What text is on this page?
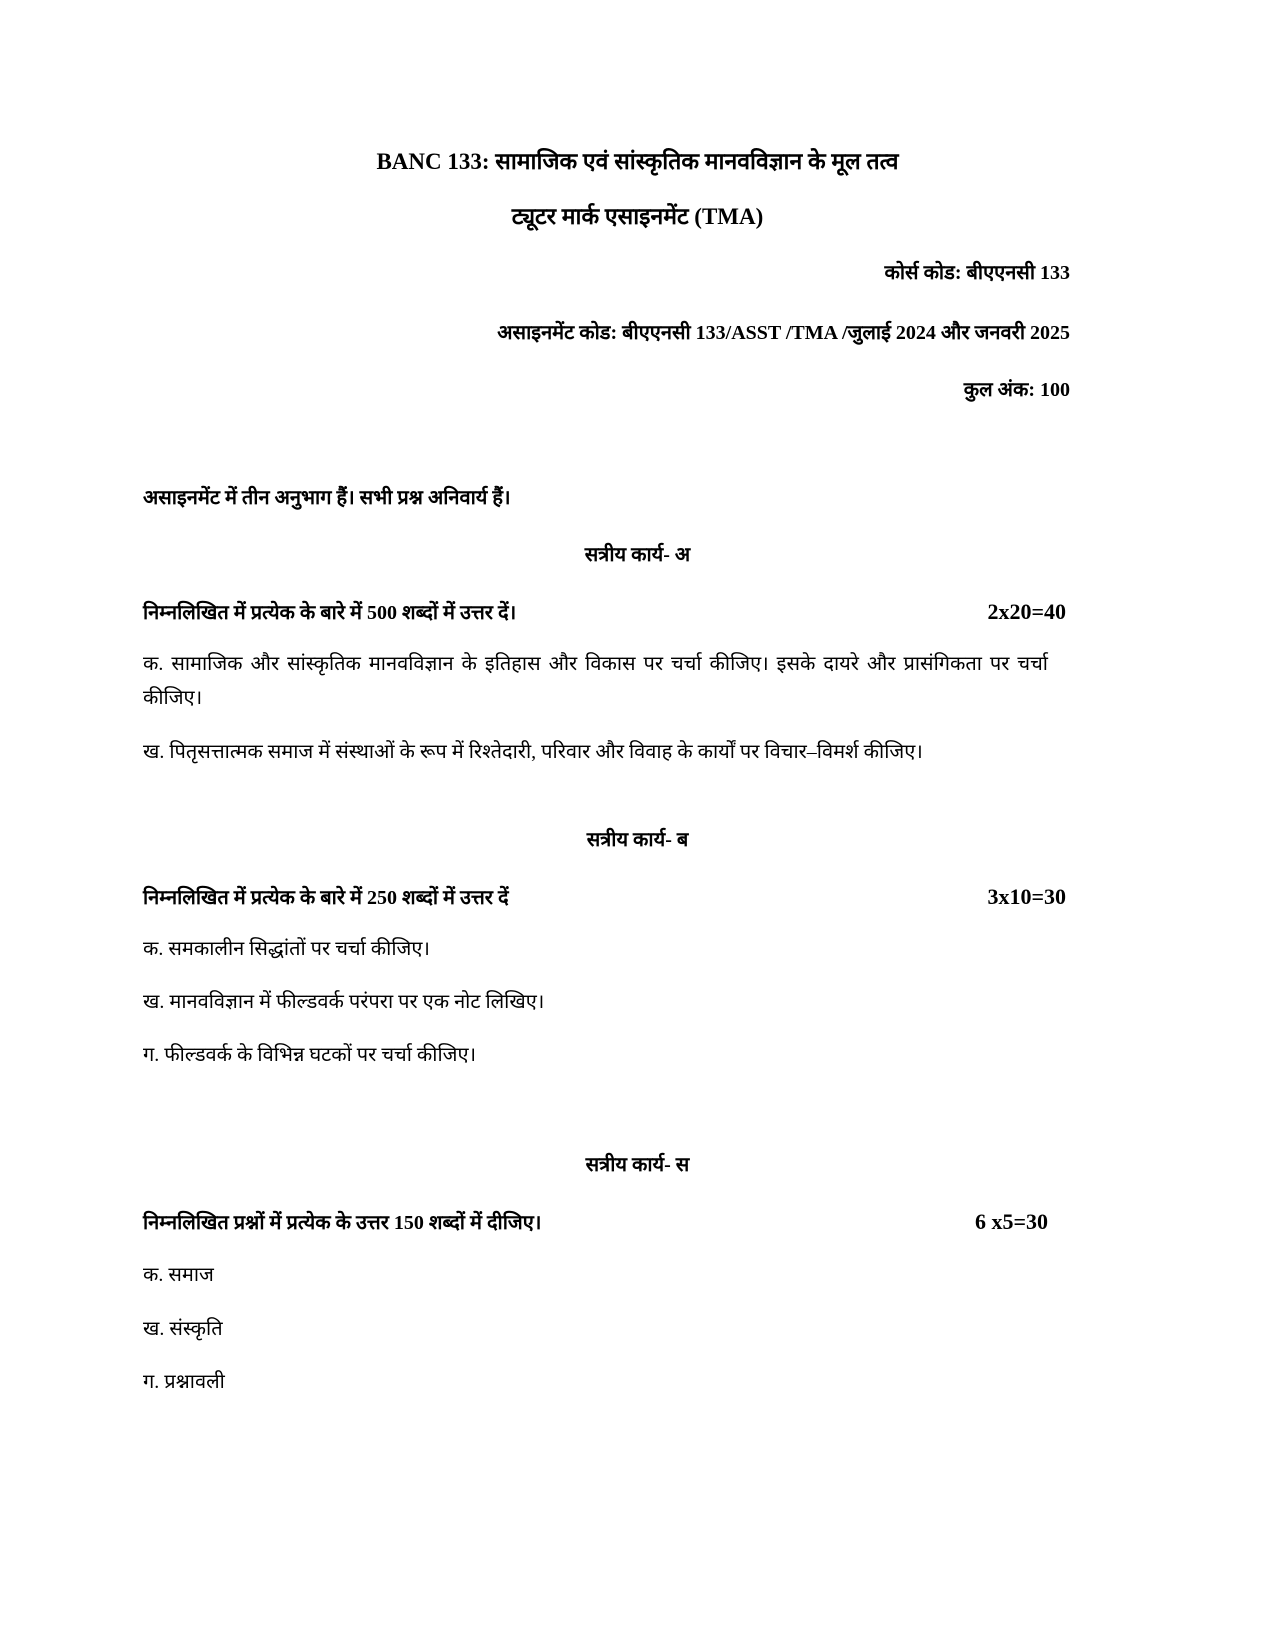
BANC 133: सामाजिक एवं सांस्कृतिक मानवविज्ञान के मूल तत्व
ट्यूटर मार्क एसाइनमेंट (TMA)
कोर्स कोड: बीएएनसी 133
असाइनमेंट कोड: बीएएनसी 133/ASST /TMA /जुलाई 2024 और जनवरी 2025
कुल अंक: 100
असाइनमेंट में तीन अनुभाग हैं। सभी प्रश्न अनिवार्य हैं।
सत्रीय कार्य- अ
निम्नलिखित में प्रत्येक के बारे में 500 शब्दों में उत्तर दें।	2x20=40
क. सामाजिक और सांस्कृतिक मानवविज्ञान के इतिहास और विकास पर चर्चा कीजिए। इसके दायरे और प्रासंगिकता पर चर्चा कीजिए।
ख. पितृसत्तात्मक समाज में संस्थाओं के रूप में रिश्तेदारी, परिवार और विवाह के कार्यों पर विचार–विमर्श कीजिए।
सत्रीय कार्य- ब
निम्नलिखित में प्रत्येक के बारे में 250 शब्दों में उत्तर दें	3x10=30
क. समकालीन सिद्धांतों पर चर्चा कीजिए।
ख. मानवविज्ञान में फील्डवर्क परंपरा पर एक नोट लिखिए।
ग. फील्डवर्क के विभिन्न घटकों पर चर्चा कीजिए।
सत्रीय कार्य- स
निम्नलिखित प्रश्नों में प्रत्येक के उत्तर 150 शब्दों में दीजिए।	6 x5=30
क. समाज
ख. संस्कृति
ग. प्रश्नावली
